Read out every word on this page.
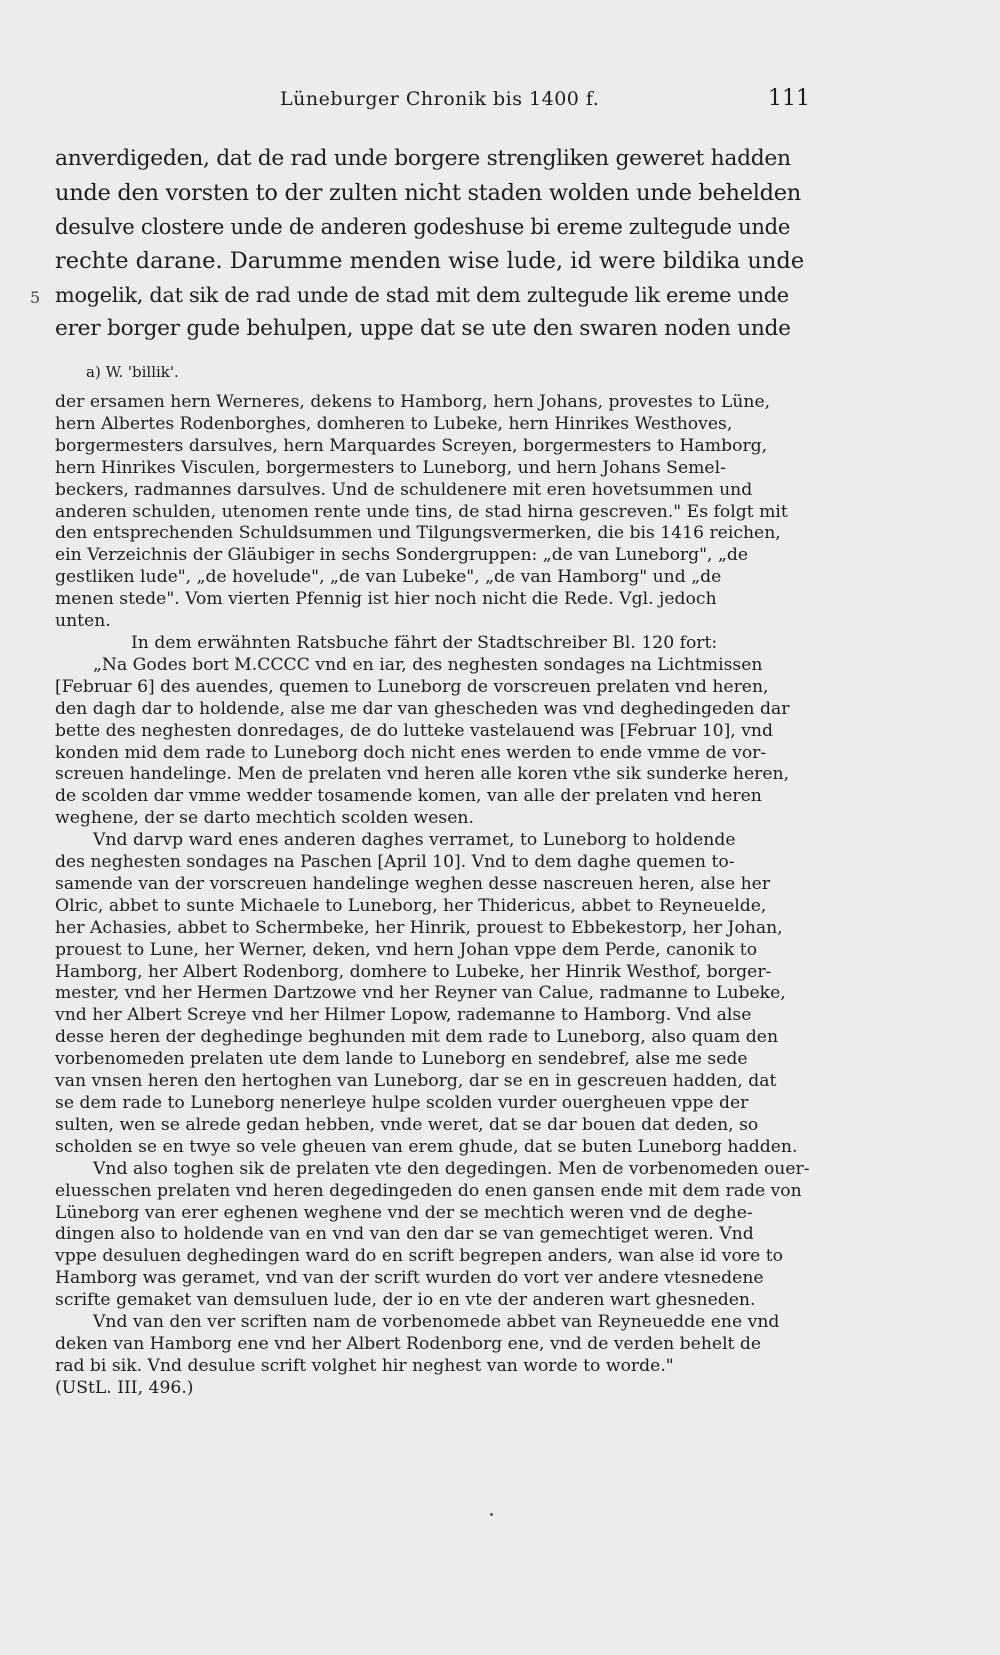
Lüneburger Chronik bis 1400 f.	111
anverdigeden, dat de rad unde borgere strengliken gewеret hadden
unde den vorsten to der zulten nicht staden wolden unde behelden
desulve clostere unde de anderen godeshuse bi ereme zultegude unde
rechte darane. Darumme menden wise lude, id were bildika unde
mogelik, dat sik de rad unde de stad mit dem zultegude lik ereme unde
erer borger gude behulpen, uppe dat se ute den swaren noden unde
5
a) W. 'billik'.

der ersamen hern Werneres, dekens to Hamborg, hern Johans, provestes to Lüne,
hern Albertes Rodenborghes, domheren to Lubeke, hern Hinrikes Westhoves,
borgermesters darsulves, hern Marquardes Screyen, borgermesters to Hamborg,
hern Hinrikes Visculen, borgermesters to Luneborg, und hern Johans Semel-
beckers, radmannes darsulves. Und de schuldenere mit eren hovetsummen und
anderen schulden, utenomen rente unde tins, de stad hirna gescreven." Es folgt mit
den entsprechenden Schuldsummen und Tilgungsvermerken, die bis 1416 reichen,
ein Verzeichnis der Gläubiger in sechs Sondergruppen: „de van Luneborg", „de
gestliken lude", „de hovelude", „de van Lubeke", „de van Hamborg" und „de
menen stede". Vom vierten Pfennig ist hier noch nicht die Rede. Vgl. jedoch
unten.

In dem erwähnten Ratsbuche fährt der Stadtschreiber Bl. 120 fort:

„Na Godes bort M.CCCC vnd en iar, des neghesten sondages na Lichtmissen
[Februar 6] des auendes, quemen to Luneborg de vorscreuen prelaten vnd heren,
den dagh dar to holdende, alse me dar van gheschеden was vnd deghedingeden dar
bette des neghesten donredages, de do luttеke vastelauend was [Februar 10], vnd
konden mid dem rade to Luneborg doch nicht enes werden to ende vmme de vor-
screuen handelinge. Men de prelaten vnd heren alle koren vthe sik sunderke heren,
de scolden dar vmme wedder tosamende komen, van alle der prelaten vnd heren
weghene, der se darto mechtich scolden wesen.
Vnd darvp ward enes anderen daghes verramet, to Luneborg to holdende
des neghesten sondages na Paschen [April 10]. Vnd to dem daghe quemen to-
samende van der vorscreuen handelinge weghen desse nascreuen heren, alse her
Olric, abbet to sunte Michaele to Luneborg, her Thidericus, abbet to Reyneuelde,
her Achasies, abbet to Schermbeke, her Hinrik, prouest to Ebbekestorp, her Johan,
prouest to Lune, her Werner, deken, vnd hern Johan vppe dem Perde, canonik to
Hamborg, her Albert Rodenborg, domhere to Lubeke, her Hinrik Westhof, borger-
mester, vnd her Hermen Dartzowe vnd her Reyner van Calue, radmanne to Lubeke,
vnd her Albert Screye vnd her Hilmer Lopow, rademanne to Hamborg. Vnd alse
desse heren der deghedinge beghunden mit dem rade to Luneborg, also quam den
vorbenomeden prelaten ute dem lande to Luneborg en sendebref, alse me sede
van vnsen heren den hertoghen van Luneborg, dar se en in gescreuen hadden, dat
se dem rade to Luneborg nenerleye hulpe scolden vurder ouergheuen vppe der
sulten, wen se alrede gedan hebben, vnde weret, dat se dar bouen dat deden, so
scholden se en twye so vele gheuen van erem ghude, dat se buten Luneborg hadden.
Vnd also toghen sik de prelaten vte den degedingen. Men de vorbenomeden ouer-
eluesschen prelaten vnd heren degedingeden do enen gansen ende mit dem rade von
Lüneborg van erer eghenen weghene vnd der se mechtich weren vnd de deghe-
dingen also to holdende van en vnd van den dar se van gemechtiget weren. Vnd
vppe desuluen deghedingen ward do en scrift begrepen anders, wan alse id vore to
Hamborg was geramet, vnd van der scrift wurden do vort ver andere vtesnedene
scrifte gemaket van demsuluen lude, der io en vte der anderen wart ghesneden.
Vnd van den ver scriften nam de vorbenomede abbet van Reyneuedde ene vnd
deken van Hamborg ene vnd her Albert Rodenborg ene, vnd de verden behelt de
rad bi sik. Vnd desulue scrift volghet hir neghest van worde to worde."
(UStL. III, 496.)
